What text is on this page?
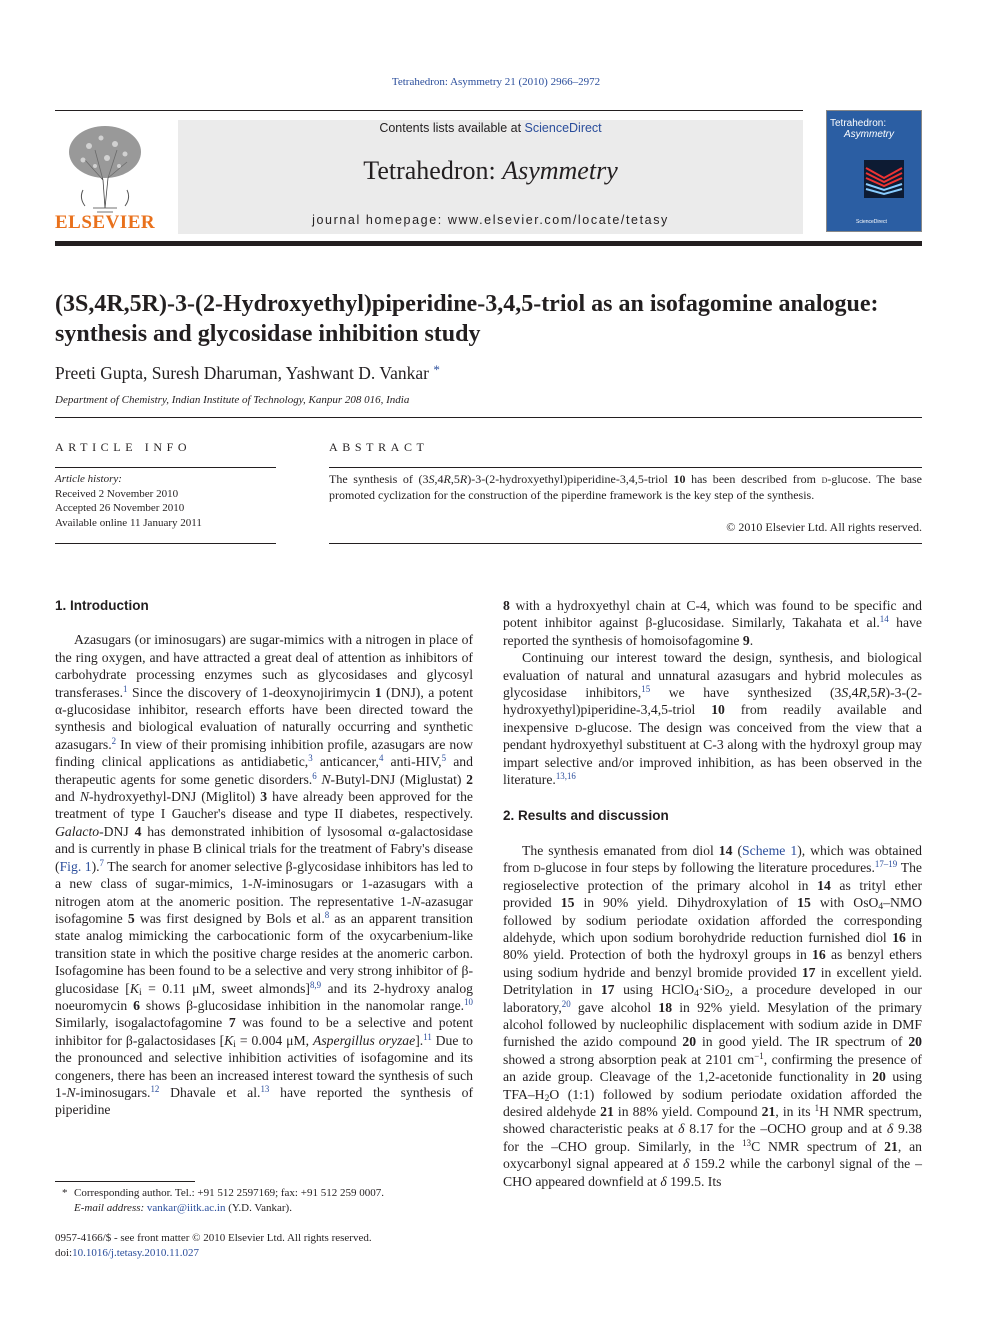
Tetrahedron: Asymmetry 21 (2010) 2966–2972
ELSEVIER
Contents lists available at ScienceDirect
Tetrahedron: Asymmetry
journal homepage: www.elsevier.com/locate/tetasy
Tetrahedron:
Asymmetry
ScienceDirect
(3S,4R,5R)-3-(2-Hydroxyethyl)piperidine-3,4,5-triol as an isofagomine analogue: synthesis and glycosidase inhibition study
Preeti Gupta, Suresh Dharuman, Yashwant D. Vankar *
Department of Chemistry, Indian Institute of Technology, Kanpur 208 016, India
ARTICLE INFO
Article history:
Received 2 November 2010
Accepted 26 November 2010
Available online 11 January 2011
ABSTRACT
The synthesis of (3S,4R,5R)-3-(2-hydroxyethyl)piperidine-3,4,5-triol 10 has been described from d-glucose. The base promoted cyclization for the construction of the piperdine framework is the key step of the synthesis.
© 2010 Elsevier Ltd. All rights reserved.
1. Introduction

Azasugars (or iminosugars) are sugar-mimics with a nitrogen in place of the ring oxygen, and have attracted a great deal of attention as inhibitors of carbohydrate processing enzymes such as glycosidases and glycosyl transferases.$^1$ Since the discovery of 1-deoxynojirimycin 1 (DNJ), a potent α-glucosidase inhibitor, research efforts have been directed toward the synthesis and biological evaluation of naturally occurring and synthetic azasugars.$^2$ In view of their promising inhibition profile, azasugars are now finding clinical applications as antidiabetic,$^3$ anticancer,$^4$ anti-HIV,$^5$ and therapeutic agents for some genetic disorders.$^6$ N-Butyl-DNJ (Miglustat) 2 and N-hydroxyethyl-DNJ (Miglitol) 3 have already been approved for the treatment of type I Gaucher's disease and type II diabetes, respectively. Galacto-DNJ 4 has demonstrated inhibition of lysosomal α-galactosidase and is currently in phase B clinical trials for the treatment of Fabry's disease (Fig. 1).$^7$ The search for anomer selective β-glycosidase inhibitors has led to a new class of sugar-mimics, 1-N-iminosugars or 1-azasugars with a nitrogen atom at the anomeric position. The representative 1-N-azasugar isofagomine 5 was first designed by Bols et al.$^8$ as an apparent transition state analog mimicking the carbocationic form of the oxycarbenium-like transition state in which the positive charge resides at the anomeric carbon. Isofagomine has been found to be a selective and very strong inhibitor of β-glucosidase [$K_i = 0.11$ μM, sweet almonds]$^{8,9}$ and its 2-hydroxy analog noeuromycin 6 shows β-glucosidase inhibition in the nanomolar range.$^{10}$ Similarly, isogalactofagomine 7 was found to be a selective and potent inhibitor for β-galactosidases [$K_i = 0.004$ μM, Aspergillus oryzae].$^{11}$ Due to the pronounced and selective inhibition activities of isofagomine and its congeners, there has been an increased interest toward the synthesis of such 1-N-iminosugars.$^{12}$ Dhavale et al.$^{13}$ have reported the synthesis of piperidine

* Corresponding author. Tel.: +91 512 2597169; fax: +91 512 259 0007.
E-mail address: vankar@iitk.ac.in (Y.D. Vankar).
0957-4166/$ - see front matter © 2010 Elsevier Ltd. All rights reserved.
doi:10.1016/j.tetasy.2010.11.027

8 with a hydroxyethyl chain at C-4, which was found to be specific and potent inhibitor against β-glucosidase. Similarly, Takahata et al.$^{14}$ have reported the synthesis of homoisofagomine 9.

Continuing our interest toward the design, synthesis, and biological evaluation of natural and unnatural azasugars and hybrid molecules as glycosidase inhibitors,$^{15}$ we have synthesized (3S,4R,5R)-3-(2-hydroxyethyl)piperidine-3,4,5-triol 10 from readily available and inexpensive d-glucose. The design was conceived from the view that a pendant hydroxyethyl substituent at C-3 along with the hydroxyl group may impart selective and/or improved inhibition, as has been observed in the literature.$^{13,16}$

2. Results and discussion

The synthesis emanated from diol 14 (Scheme 1), which was obtained from d-glucose in four steps by following the literature procedures.$^{17-19}$ The regioselective protection of the primary alcohol in 14 as trityl ether provided 15 in 90% yield. Dihydroxylation of 15 with OsO$_4$–NMO followed by sodium periodate oxidation afforded the corresponding aldehyde, which upon sodium borohydride reduction furnished diol 16 in 80% yield. Protection of both the hydroxyl groups in 16 as benzyl ethers using sodium hydride and benzyl bromide provided 17 in excellent yield. Detritylation in 17 using HClO$_4$·SiO$_2$, a procedure developed in our laboratory,$^{20}$ gave alcohol 18 in 92% yield. Mesylation of the primary alcohol followed by nucleophilic displacement with sodium azide in DMF furnished the azido compound 20 in good yield. The IR spectrum of 20 showed a strong absorption peak at 2101 $cm^{-1}$, confirming the presence of an azide group. Cleavage of the 1,2-acetonide functionality in 20 using TFA–$H_2O$ (1:1) followed by sodium periodate oxidation afforded the desired aldehyde 21 in 88% yield. Compound 21, in its $^1$H NMR spectrum, showed characteristic peaks at δ 8.17 for the –OCHO group and at δ 9.38 for the –CHO group. Similarly, in the $^{13}$C NMR spectrum of 21, an oxycarbonyl signal appeared at δ 159.2 while the carbonyl signal of the –CHO appeared downfield at δ 199.5. Its
